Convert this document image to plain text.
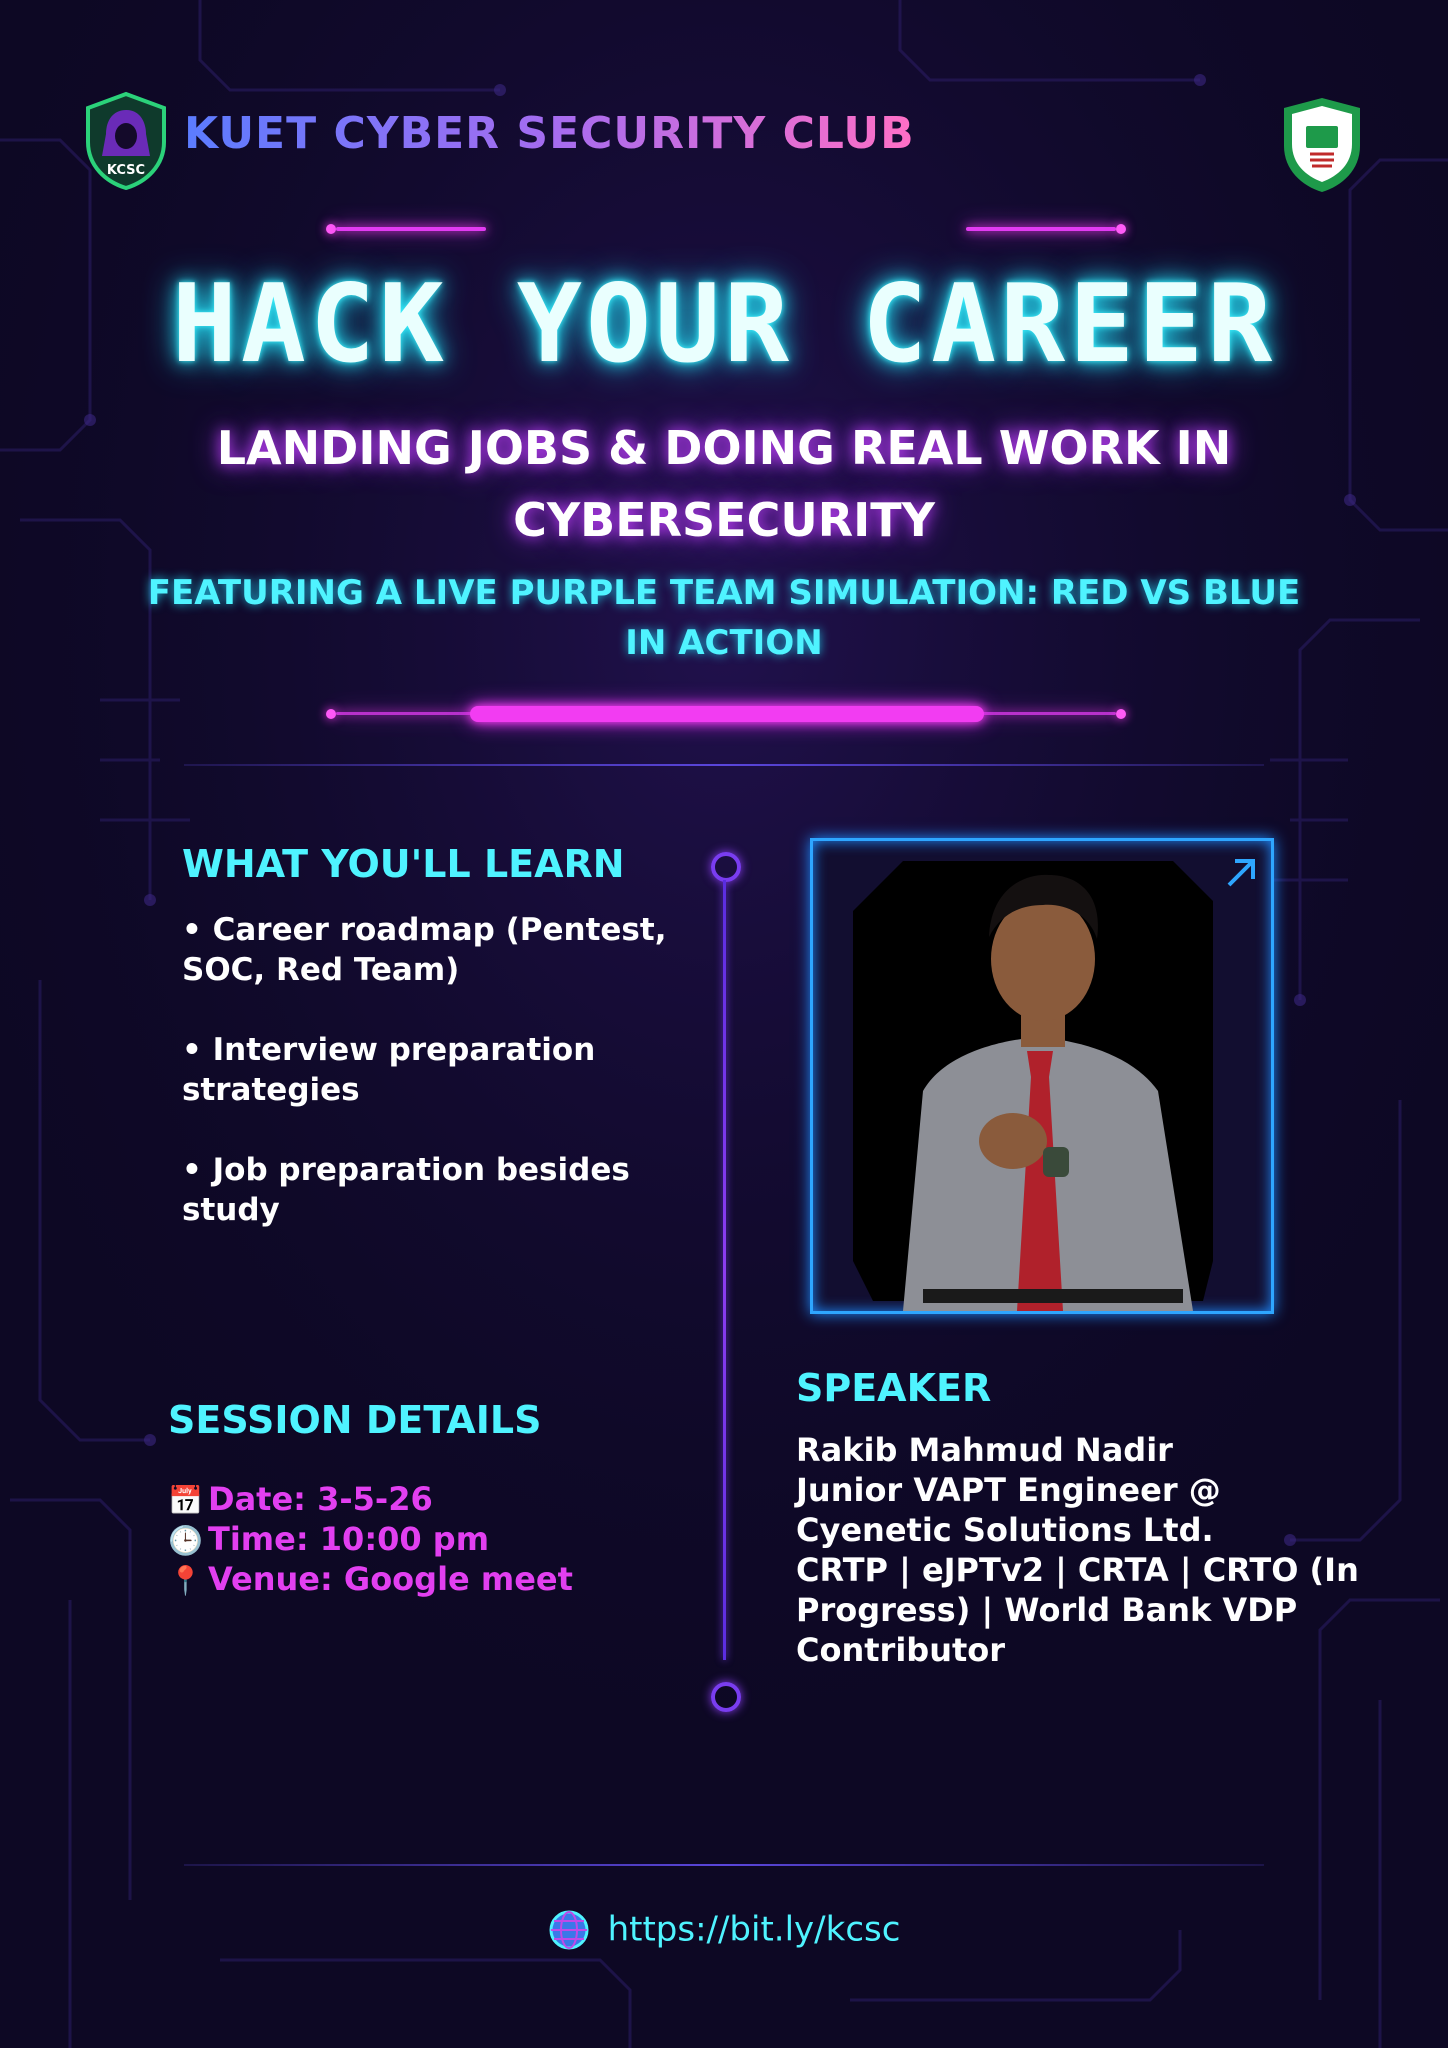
KCSC
KUET CYBER SECURITY CLUB
HACK YOUR CAREER
LANDING JOBS & DOING REAL WORK IN CYBERSECURITY
FEATURING A LIVE PURPLE TEAM SIMULATION: RED VS BLUE IN ACTION
WHAT YOU'LL LEARN
• Career roadmap (Pentest, SOC, Red Team)
• Interview preparation strategies
• Job preparation besides study
SESSION DETAILS
📅 Date: 3-5-26
🕒 Time: 10:00 pm
📍 Venue: Google meet
SPEAKER
Rakib Mahmud Nadir
Junior VAPT Engineer @ Cyenetic Solutions Ltd.
CRTP | eJPTv2 | CRTA | CRTO (In Progress) | World Bank VDP Contributor
https://bit.ly/kcsc
